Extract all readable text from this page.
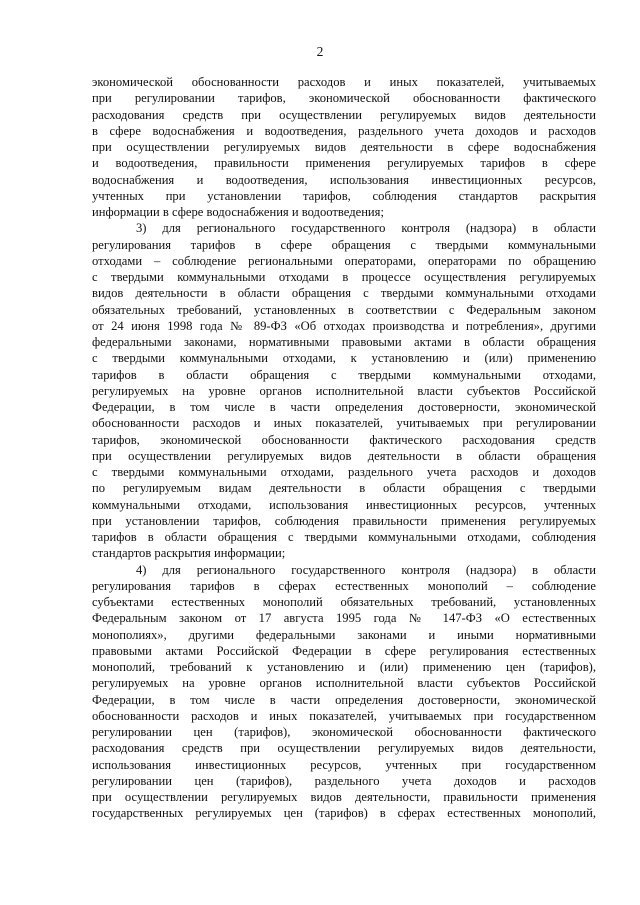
2
экономической обоснованности расходов и иных показателей, учитываемых
при регулировании тарифов, экономической обоснованности фактического
расходования средств при осуществлении регулируемых видов деятельности
в сфере водоснабжения и водоотведения, раздельного учета доходов и расходов
при осуществлении регулируемых видов деятельности в сфере водоснабжения
и водоотведения, правильности применения регулируемых тарифов в сфере
водоснабжения и водоотведения, использования инвестиционных ресурсов,
учтенных при установлении тарифов, соблюдения стандартов раскрытия
информации в сфере водоснабжения и водоотведения;
3) для регионального государственного контроля (надзора) в области
регулирования тарифов в сфере обращения с твердыми коммунальными
отходами – соблюдение региональными операторами, операторами по обращению
с твердыми коммунальными отходами в процессе осуществления регулируемых
видов деятельности в области обращения с твердыми коммунальными отходами
обязательных требований, установленных в соответствии с Федеральным законом
от 24 июня 1998 года № 89-ФЗ «Об отходах производства и потребления», другими
федеральными законами, нормативными правовыми актами в области обращения
с твердыми коммунальными отходами, к установлению и (или) применению
тарифов в области обращения с твердыми коммунальными отходами,
регулируемых на уровне органов исполнительной власти субъектов Российской
Федерации, в том числе в части определения достоверности, экономической
обоснованности расходов и иных показателей, учитываемых при регулировании
тарифов, экономической обоснованности фактического расходования средств
при осуществлении регулируемых видов деятельности в области обращения
с твердыми коммунальными отходами, раздельного учета расходов и доходов
по регулируемым видам деятельности в области обращения с твердыми
коммунальными отходами, использования инвестиционных ресурсов, учтенных
при установлении тарифов, соблюдения правильности применения регулируемых
тарифов в области обращения с твердыми коммунальными отходами, соблюдения
стандартов раскрытия информации;
4) для регионального государственного контроля (надзора) в области
регулирования тарифов в сферах естественных монополий – соблюдение
субъектами естественных монополий обязательных требований, установленных
Федеральным законом от 17 августа 1995 года № 147-ФЗ «О естественных
монополиях», другими федеральными законами и иными нормативными
правовыми актами Российской Федерации в сфере регулирования естественных
монополий, требований к установлению и (или) применению цен (тарифов),
регулируемых на уровне органов исполнительной власти субъектов Российской
Федерации, в том числе в части определения достоверности, экономической
обоснованности расходов и иных показателей, учитываемых при государственном
регулировании цен (тарифов), экономической обоснованности фактического
расходования средств при осуществлении регулируемых видов деятельности,
использования инвестиционных ресурсов, учтенных при государственном
регулировании цен (тарифов), раздельного учета доходов и расходов
при осуществлении регулируемых видов деятельности, правильности применения
государственных регулируемых цен (тарифов) в сферах естественных монополий,
